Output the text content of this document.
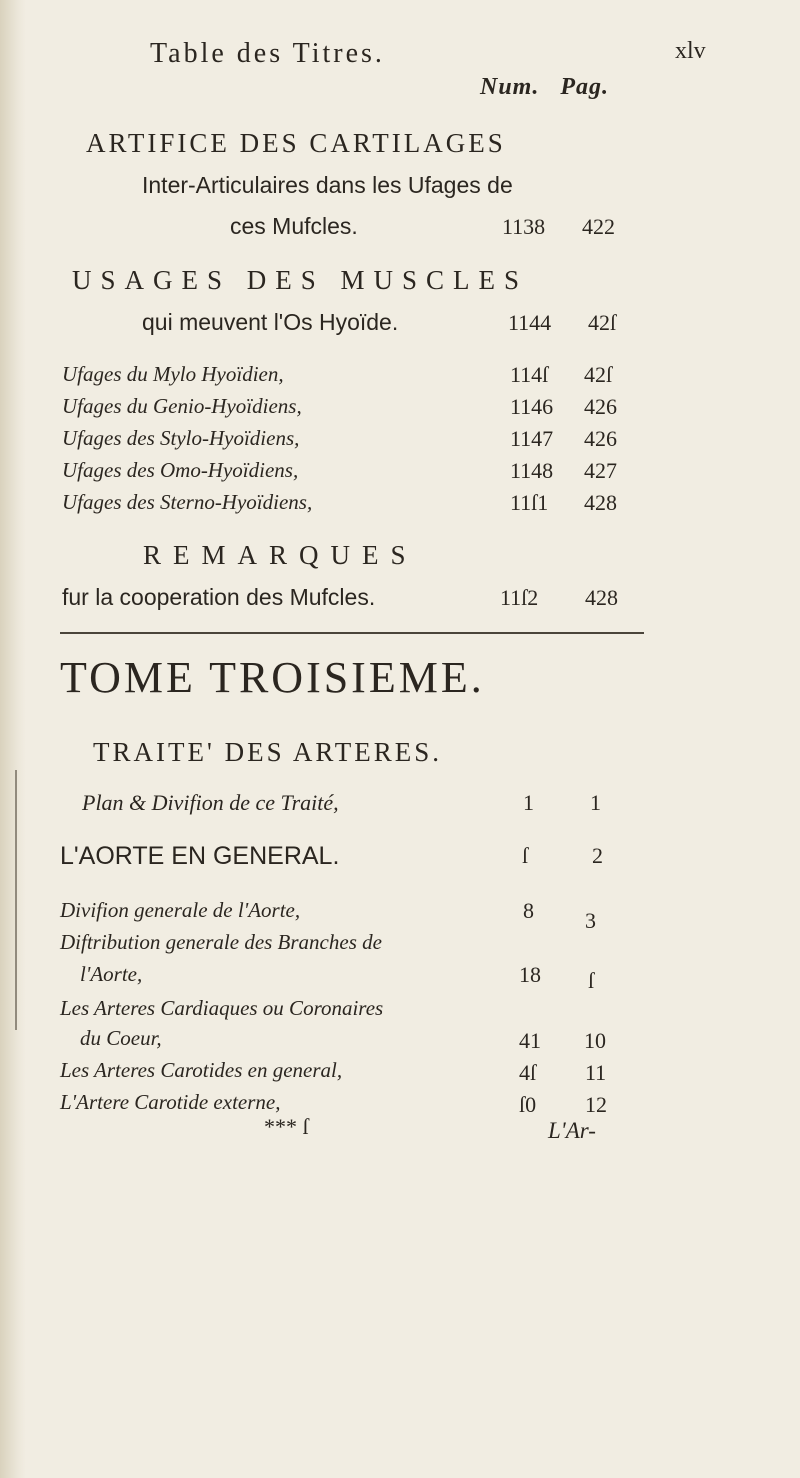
Table des Titres.	xlv
Num. Pag.
ARTIFICE DES CARTILAGES
Inter-Articulaires dans les Ufages de
ces Mufcles.	1138 422
USAGES DES MUSCLES
qui meuvent l'Os Hyoïde.	1144 42ſ
Ufages du Mylo Hyoïdien,	114ſ 42ſ
Ufages du Genio-Hyoïdiens,	1146 426
Ufages des Stylo-Hyoïdiens,	1147 426
Ufages des Omo-Hyoïdiens,	1148 427
Ufages des Sterno-Hyoïdiens,	11ſ1 428
REMARQUES
fur la cooperation des Mufcles.	11ſ2 428
TOME TROISIEME.
TRAITE' DES ARTERES.
Plan & Divifion de ce Traité,	1	1
L'AORTE EN GENERAL.	ſ	2
Divifion generale de l'Aorte,	8 3
Diftribution generale des Branches de
l'Aorte,	18 ſ
Les Arteres Cardiaques ou Coronaires
du Coeur,	41 10
Les Arteres Carotides en general,	4ſ 11
L'Artere Carotide externe,	ſ0 12
*** ſ	L'Ar-
